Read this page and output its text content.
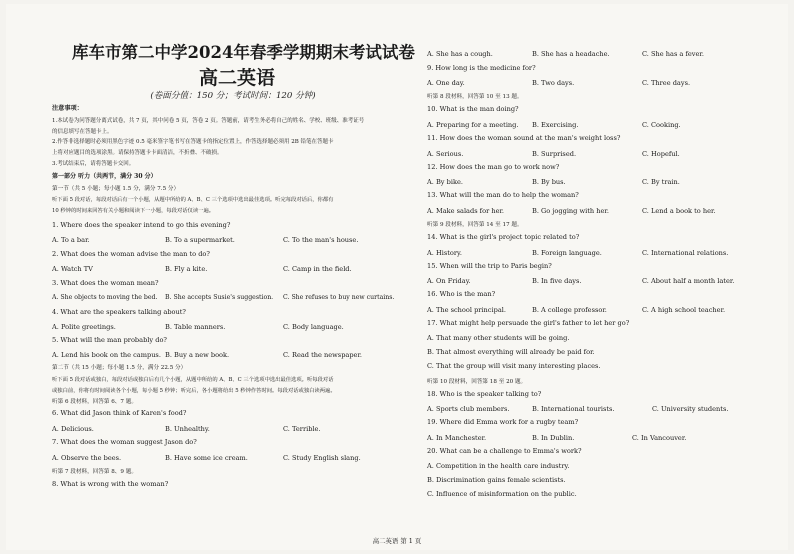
库车市第二中学2024年春季学期期末考试试卷
高二英语
(卷面分值：150 分；考试时间：120 分钟)
注意事项：
1.本试卷为问答题分离式试卷，共 7 页，其中问卷 5 页，答卷 2 页。答题前，请考生务必将自己的姓名、学校、班级、准考证号
的信息填写在答题卡上。
2.作答非选择题时必须用黑色字迹 0.5 毫米签字笔书写在答题卡的指定位置上，作答选择题必须用 2B 铅笔在答题卡
上将对应题目的选项涂黑。请保持答题卡卡面清洁，不折叠、不破损。
3.考试结束后，请将答题卡交回。
第一部分 听力（共两节，满分 30 分）
第一节（共 5 小题；每小题 1.5 分，满分 7.5 分）
听下面 5 段对话，每段对话后有一个小题，从题中所给的 A、B、C 三个选项中选出最佳选项。听完每段对话后，你都有
10 秒钟的时间来回答有关小题和阅读下一小题，每段对话仅读一遍。
1. Where does the speaker intend to go this evening?
A. To a bar.	B. To a supermarket.	C. To the man's house.
2. What does the woman advise the man to do?
A. Watch TV	B. Fly a kite.	C. Camp in the field.
3. What does the woman mean?
A. She objects to moving the bed. B. She accepts Susie's suggestion. C. She refuses to buy new curtains.
4. What are the speakers talking about?
A. Polite greetings.	B. Table manners.	C. Body language.
5. What will the man probably do?
A. Lend his book on the campus. B. Buy a new book.	C. Read the newspaper.
第二节（共 15 小题；每小题 1.5 分，满分 22.5 分）
听下面 5 段对话或独白，每段对话或独白后有几个小题，从题中所给的 A、B、C 三个选项中选出最佳选项。听每段对话
或独白前，你将有时间阅读各个小题，每小题 5 秒钟；听完后，各小题将给出 5 秒钟作答时间。每段对话或独白读两遍。
听第 6 段材料，回答第 6、7 题。
6. What did Jason think of Karen's food?
A. Delicious.	B. Unhealthy.	C. Terrible.
7. What does the woman suggest Jason do?
A. Observe the bees.	B. Have some ice cream.	C. Study English slang.
听第 7 段材料，回答第 8、9 题。
8. What is wrong with the woman?
A. She has a cough.	B. She has a headache.	C. She has a fever.
9. How long is the medicine for?
A. One day.	B. Two days.	C. Three days.
听第 8 段材料，回答第 10 至 13 题。
10. What is the man doing?
A. Preparing for a meeting. B. Exercising.	C. Cooking.
11. How does the woman sound at the man's weight loss?
A. Serious.	B. Surprised.	C. Hopeful.
12. How does the man go to work now?
A. By bike.	B. By bus.	C. By train.
13. What will the man do to help the woman?
A. Make salads for her.	B. Go jogging with her.	C. Lend a book to her.
听第 9 段材料，回答第 14 至 17 题。
14. What is the girl's project topic related to?
A. History.	B. Foreign language.	C. International relations.
15. When will the trip to Paris begin?
A. On Friday.	B. In five days.	C. About half a month later.
16. Who is the man?
A. The school principal.	B. A college professor.	C. A high school teacher.
17. What might help persuade the girl's father to let her go?
A. That many other students will be going.
B. That almost everything will already be paid for.
C. That the group will visit many interesting places.
听第 10 段材料，回答第 18 至 20 题。
18. Who is the speaker talking to?
A. Sports club members.	B. International tourists.	C. University students.
19. Where did Emma work for a rugby team?
A. In Manchester.	B. In Dublin.	C. In Vancouver.
20. What can be a challenge to Emma's work?
A. Competition in the health care industry.
B. Discrimination gains female scientists.
C. Influence of misinformation on the public.
高二英语 第 1 页
